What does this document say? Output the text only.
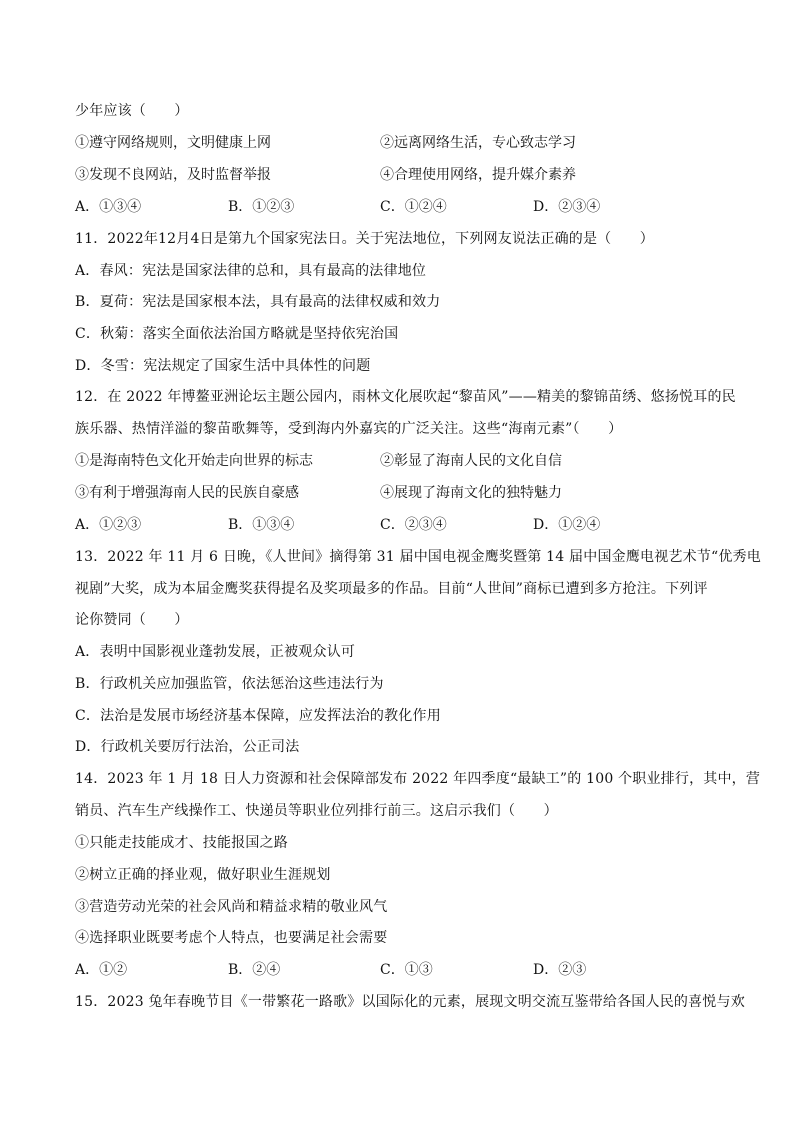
少年应该（　　）
①遵守网络规则，文明健康上网	②远离网络生活，专心致志学习
③发现不良网站，及时监督举报	④合理使用网络，提升媒介素养
A．①③④	B．①②③	C．①②④	D．②③④
11．2022年12月4日是第九个国家宪法日。关于宪法地位，下列网友说法正确的是（　　）
A．春风：宪法是国家法律的总和，具有最高的法律地位
B．夏荷：宪法是国家根本法，具有最高的法律权威和效力
C．秋菊：落实全面依法治国方略就是坚持依宪治国
D．冬雪：宪法规定了国家生活中具体性的问题
12．在 2022 年博鳌亚洲论坛主题公园内，雨林文化展吹起“黎苗风”——精美的黎锦苗绣、悠扬悦耳的民
族乐器、热情洋溢的黎苗歌舞等，受到海内外嘉宾的广泛关注。这些“海南元素”（　　）
①是海南特色文化开始走向世界的标志	②彰显了海南人民的文化自信
③有利于增强海南人民的民族自豪感	④展现了海南文化的独特魅力
A．①②③	B．①③④	C．②③④	D．①②④
13．2022 年 11 月 6 日晚，《人世间》摘得第 31 届中国电视金鹰奖暨第 14 届中国金鹰电视艺术节“优秀电
视剧”大奖，成为本届金鹰奖获得提名及奖项最多的作品。目前“人世间”商标已遭到多方抢注。下列评
论你赞同（　　）
A．表明中国影视业蓬勃发展，正被观众认可
B．行政机关应加强监管，依法惩治这些违法行为
C．法治是发展市场经济基本保障，应发挥法治的教化作用
D．行政机关要厉行法治，公正司法
14．2023 年 1 月 18 日人力资源和社会保障部发布 2022 年四季度“最缺工”的 100 个职业排行，其中，营
销员、汽车生产线操作工、快递员等职业位列排行前三。这启示我们（　　）
①只能走技能成才、技能报国之路
②树立正确的择业观，做好职业生涯规划
③营造劳动光荣的社会风尚和精益求精的敬业风气
④选择职业既要考虑个人特点，也要满足社会需要
A．①②	B．②④	C．①③	D．②③
15．2023 兔年春晚节目《一带繁花一路歌》以国际化的元素，展现文明交流互鉴带给各国人民的喜悦与欢
